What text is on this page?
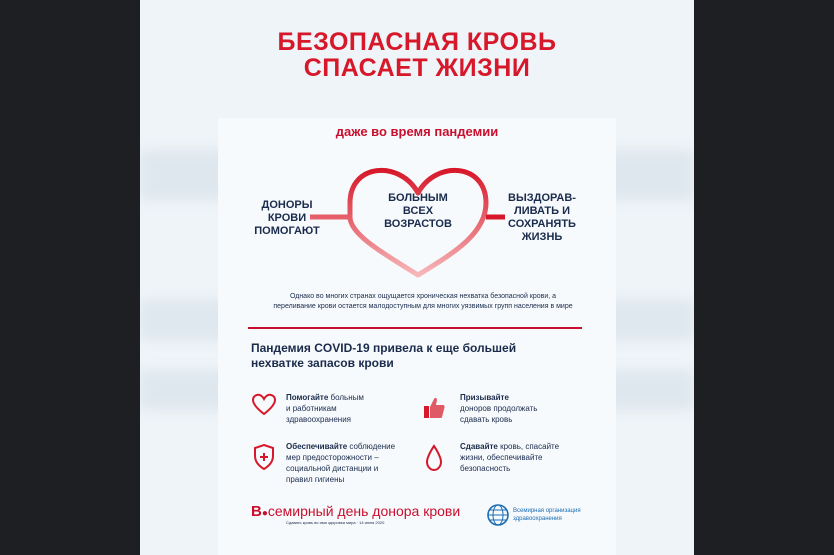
БЕЗОПАСНАЯ КРОВЬ
СПАСАЕТ ЖИЗНИ
даже во время пандемии
ДОНОРЫ
КРОВИ
ПОМОГАЮТ
БОЛЬНЫМ
ВСЕХ
ВОЗРАСТОВ
ВЫЗДОРАВ-
ЛИВАТЬ И
СОХРАНЯТЬ
ЖИЗНЬ
Однако во многих странах ощущается хроническая нехватка безопасной крови, а
переливание крови остается малодоступным для многих уязвимых групп населения в мире
Пандемия COVID-19 привела к еще большей
нехватке запасов крови
Помогайте больным
и работникам
здравоохранения
Призывайте
доноров продолжать
сдавать кровь
Обеспечивайте соблюдение
мер предосторожности –
социальной дистанции и
правил гигиены
Сдавайте кровь, спасайте
жизни, обеспечивайте
безопасность
В●семирный день донора крови
Сдавать кровь во имя здоровья мира · 14 июня 2020
Всемирная организация
здравоохранения
